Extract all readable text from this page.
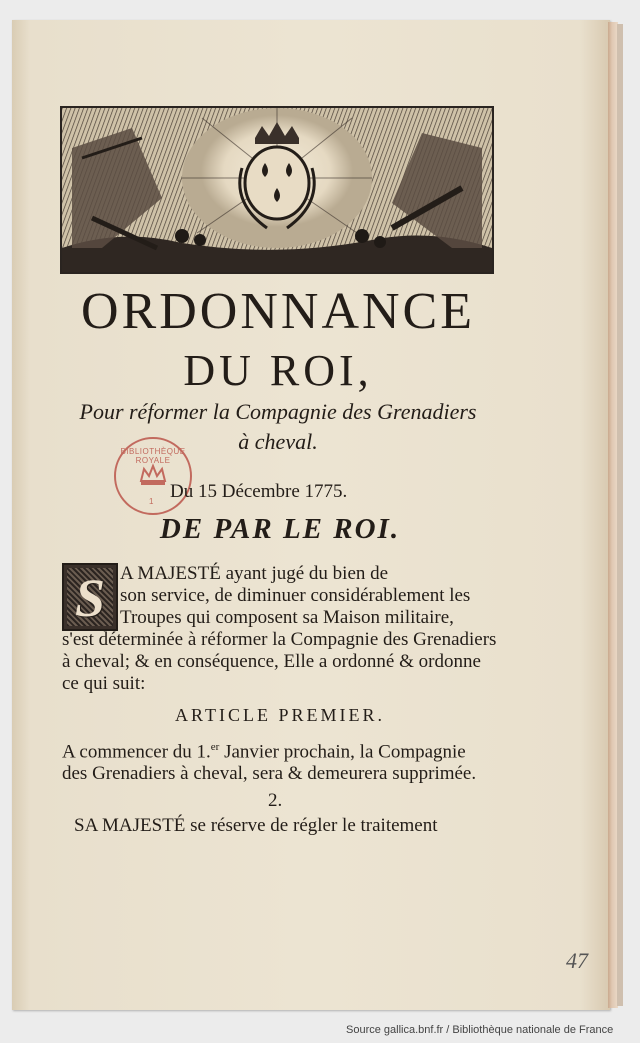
ORDONNANCE
DU ROI,
Pour réformer la Compagnie des Grenadiers
à cheval.
BIBLIOTHÈQUE ROYALE
1 Du 15 Décembre 1775.
DE PAR LE ROI.
S A MAJESTÉ ayant jugé du bien de
son service, de diminuer considérablement les
Troupes qui composent sa Maison militaire,
s'est déterminée à réformer la Compagnie des Grenadiers
à cheval; & en conséquence, Elle a ordonné & ordonne
ce qui suit:
ARTICLE PREMIER.
A commencer du 1.$^{er}$ Janvier prochain, la Compagnie
des Grenadiers à cheval, sera & demeurera supprimée.
2.
SA MAJESTÉ se réserve de régler le traitement
47
Source gallica.bnf.fr / Bibliothèque nationale de France
